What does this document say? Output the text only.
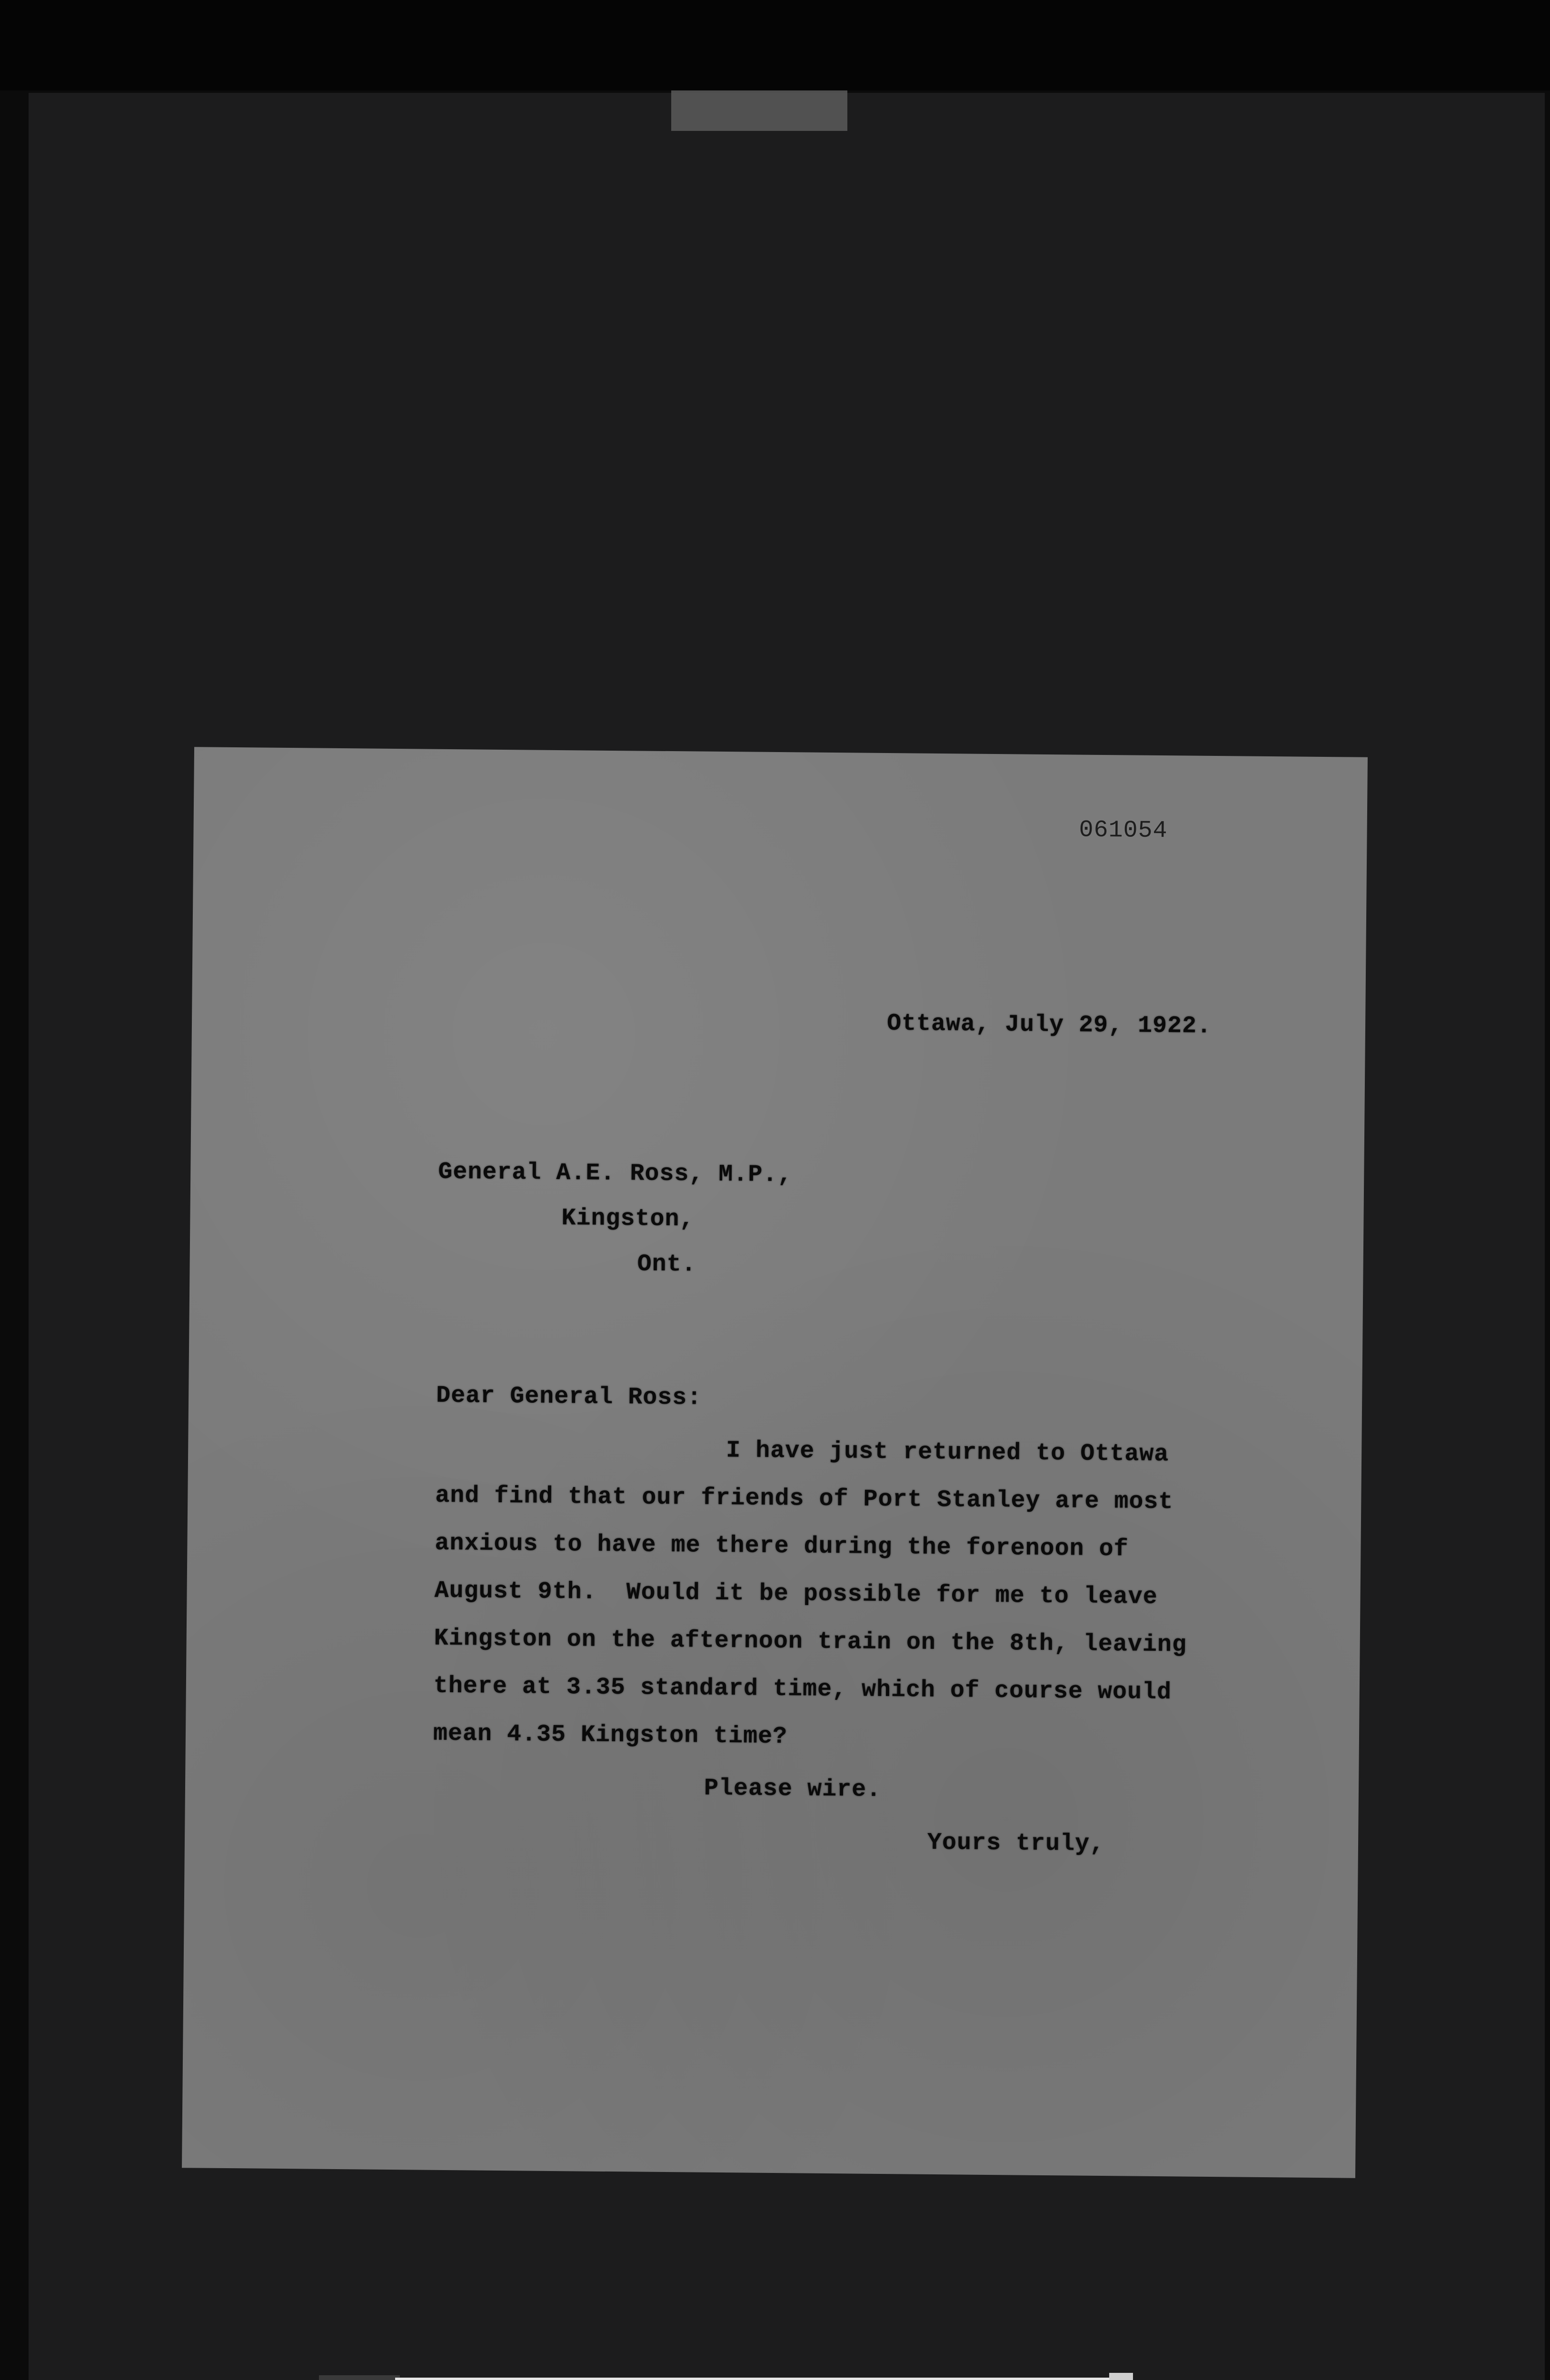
061054
Ottawa, July 29, 1922.
General A.E. Ross, M.P.,
Kingston,
Ont.
Dear General Ross:
I have just returned to Ottawa
and find that our friends of Port Stanley are most
anxious to have me there during the forenoon of
August 9th.  Would it be possible for me to leave
Kingston on the afternoon train on the 8th, leaving
there at 3.35 standard time, which of course would
mean 4.35 Kingston time?
Please wire.
Yours truly,
